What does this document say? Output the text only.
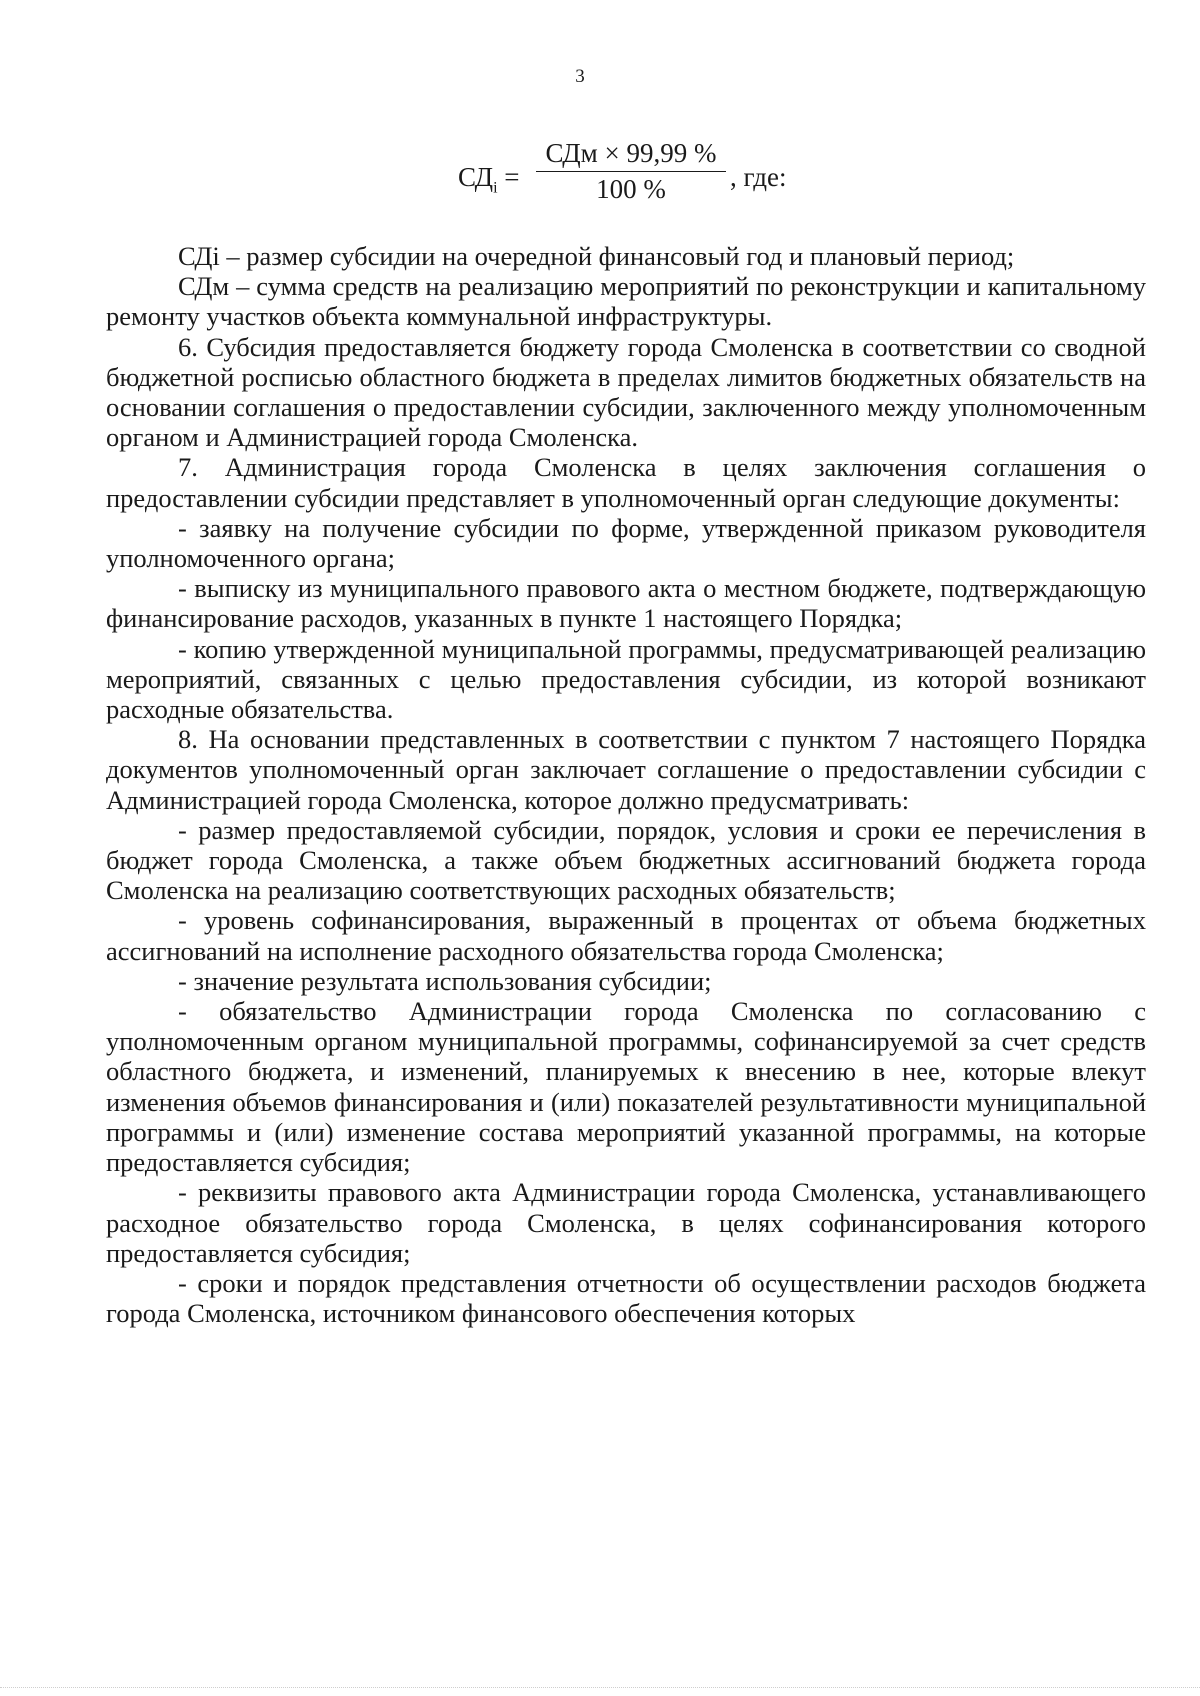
3
$СД_i$ =
СДм × 99,99 %
100 %	, где:

СДi – размер субсидии на очередной финансовый год и плановый период;

СДм – сумма средств на реализацию мероприятий по реконструкции и капитальному ремонту участков объекта коммунальной инфраструктуры.

6. Субсидия предоставляется бюджету города Смоленска в соответствии со сводной бюджетной росписью областного бюджета в пределах лимитов бюджетных обязательств на основании соглашения о предоставлении субсидии, заключенного между уполномоченным органом и Администрацией города Смоленска.

7. Администрация города Смоленска в целях заключения соглашения о предоставлении субсидии представляет в уполномоченный орган следующие документы:

- заявку на получение субсидии по форме, утвержденной приказом руководителя уполномоченного органа;

- выписку из муниципального правового акта о местном бюджете, подтверждающую финансирование расходов, указанных в пункте 1 настоящего Порядка;

- копию утвержденной муниципальной программы, предусматривающей реализацию мероприятий, связанных с целью предоставления субсидии, из которой возникают расходные обязательства.

8. На основании представленных в соответствии с пунктом 7 настоящего Порядка документов уполномоченный орган заключает соглашение о предоставлении субсидии с Администрацией города Смоленска, которое должно предусматривать:

- размер предоставляемой субсидии, порядок, условия и сроки ее перечисления в бюджет города Смоленска, а также объем бюджетных ассигнований бюджета города Смоленска на реализацию соответствующих расходных обязательств;

- уровень софинансирования, выраженный в процентах от объема бюджетных ассигнований на исполнение расходного обязательства города Смоленска;

- значение результата использования субсидии;

- обязательство Администрации города Смоленска по согласованию с уполномоченным органом муниципальной программы, софинансируемой за счет средств областного бюджета, и изменений, планируемых к внесению в нее, которые влекут изменения объемов финансирования и (или) показателей результативности муниципальной программы и (или) изменение состава мероприятий указанной программы, на которые предоставляется субсидия;

- реквизиты правового акта Администрации города Смоленска, устанавливающего расходное обязательство города Смоленска, в целях софинансирования которого предоставляется субсидия;

- сроки и порядок представления отчетности об осуществлении расходов бюджета города Смоленска, источником финансового обеспечения которых
